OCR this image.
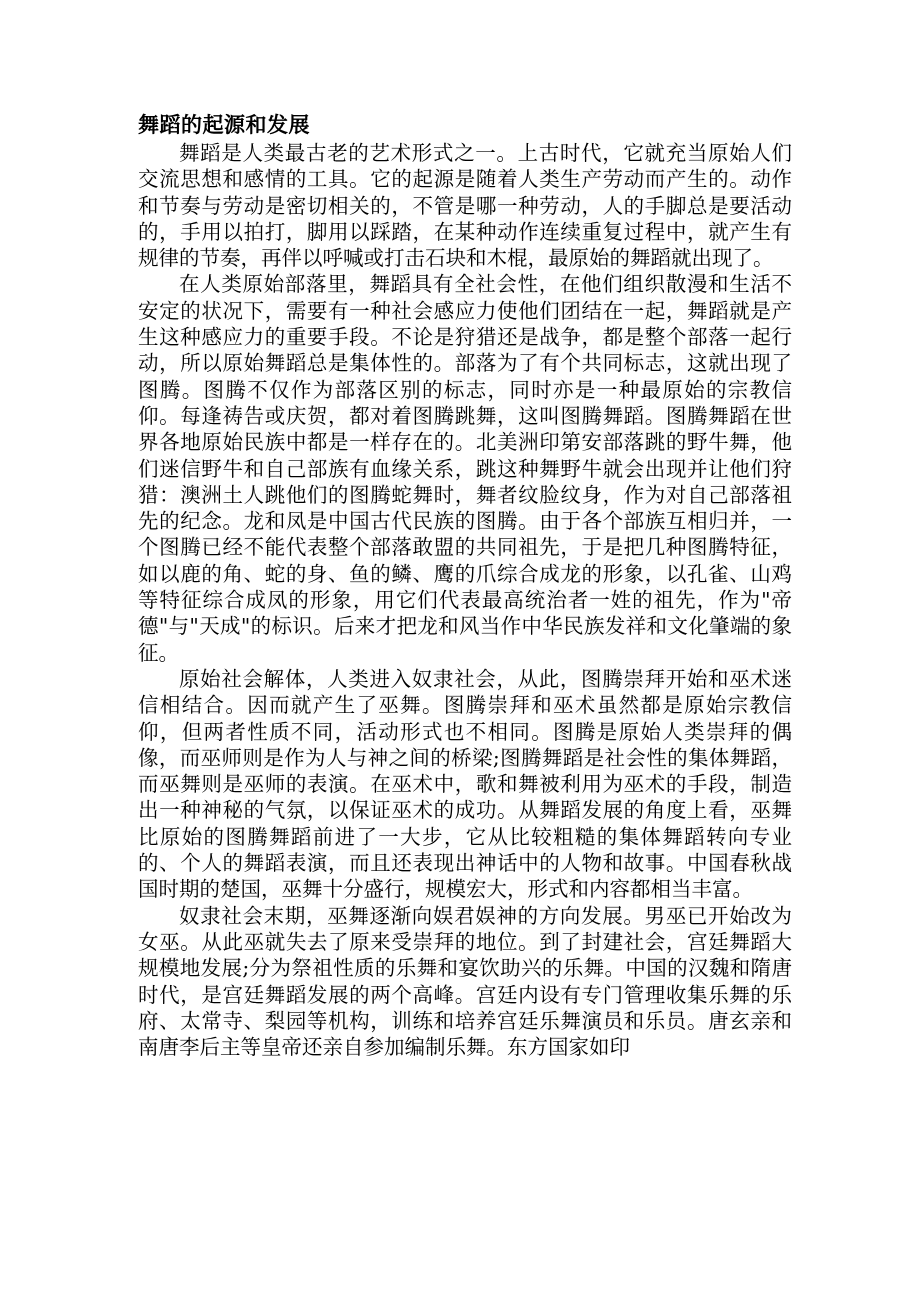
舞蹈的起源和发展

舞蹈是人类最古老的艺术形式之一。上古时代，它就充当原始人们交流思想和感情的工具。它的起源是随着人类生产劳动而产生的。动作和节奏与劳动是密切相关的，不管是哪一种劳动，人的手脚总是要活动的，手用以拍打，脚用以踩踏，在某种动作连续重复过程中，就产生有规律的节奏，再伴以呼喊或打击石块和木棍，最原始的舞蹈就出现了。

在人类原始部落里，舞蹈具有全社会性，在他们组织散漫和生活不安定的状况下，需要有一种社会感应力使他们团结在一起，舞蹈就是产生这种感应力的重要手段。不论是狩猎还是战争，都是整个部落一起行动，所以原始舞蹈总是集体性的。部落为了有个共同标志，这就出现了图腾。图腾不仅作为部落区别的标志，同时亦是一种最原始的宗教信仰。每逢祷告或庆贺，都对着图腾跳舞，这叫图腾舞蹈。图腾舞蹈在世界各地原始民族中都是一样存在的。北美洲印第安部落跳的野牛舞，他们迷信野牛和自己部族有血缘关系，跳这种舞野牛就会出现并让他们狩猎：澳洲土人跳他们的图腾蛇舞时，舞者纹脸纹身，作为对自己部落祖先的纪念。龙和凤是中国古代民族的图腾。由于各个部族互相归并，一个图腾已经不能代表整个部落敢盟的共同祖先，于是把几种图腾特征，如以鹿的角、蛇的身、鱼的鳞、鹰的爪综合成龙的形象，以孔雀、山鸡等特征综合成凤的形象，用它们代表最高统治者一姓的祖先，作为"帝德"与"天成"的标识。后来才把龙和风当作中华民族发祥和文化肇端的象征。

原始社会解体，人类进入奴隶社会，从此，图腾崇拜开始和巫术迷信相结合。因而就产生了巫舞。图腾崇拜和巫术虽然都是原始宗教信仰，但两者性质不同，活动形式也不相同。图腾是原始人类崇拜的偶像，而巫师则是作为人与神之间的桥梁;图腾舞蹈是社会性的集体舞蹈，而巫舞则是巫师的表演。在巫术中，歌和舞被利用为巫术的手段，制造出一种神秘的气氛，以保证巫术的成功。从舞蹈发展的角度上看，巫舞比原始的图腾舞蹈前进了一大步，它从比较粗糙的集体舞蹈转向专业的、个人的舞蹈表演，而且还表现出神话中的人物和故事。中国春秋战国时期的楚国，巫舞十分盛行，规模宏大，形式和内容都相当丰富。

奴隶社会末期，巫舞逐渐向娱君娱神的方向发展。男巫已开始改为女巫。从此巫就失去了原来受崇拜的地位。到了封建社会，宫廷舞蹈大规模地发展;分为祭祖性质的乐舞和宴饮助兴的乐舞。中国的汉魏和隋唐时代，是宫廷舞蹈发展的两个高峰。宫廷内设有专门管理收集乐舞的乐府、太常寺、梨园等机构，训练和培养宫廷乐舞演员和乐员。唐玄亲和南唐李后主等皇帝还亲自参加编制乐舞。东方国家如印
